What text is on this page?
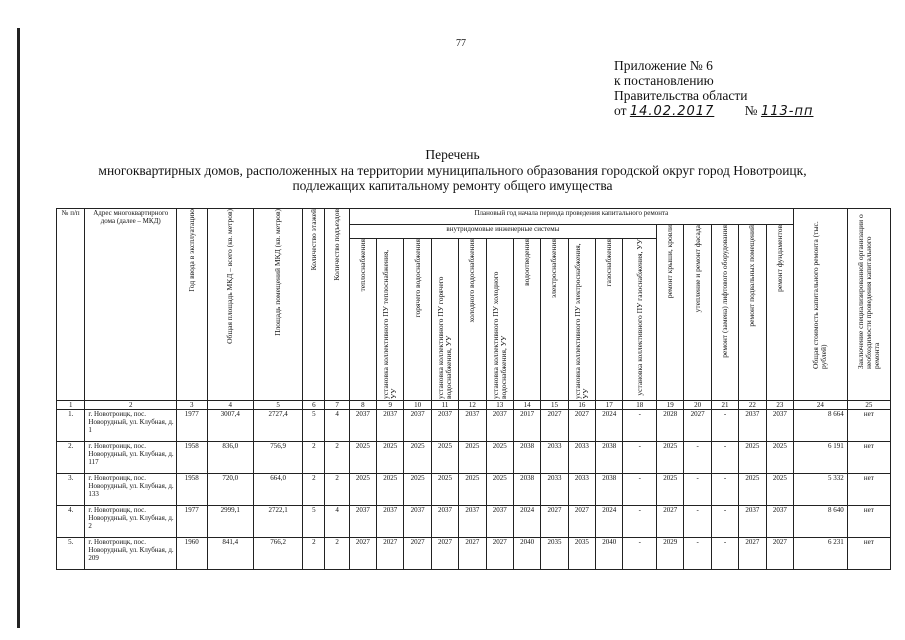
77
Приложение № 6
к постановлению
Правительства области
от 14.02.2017 № 113-пп
Перечень
многоквартирных домов, расположенных на территории муниципального образования городской округ город Новотроицк,
подлежащих капитальному ремонту общего имущества
№ п/п	Адрес многоквартирного дома (далее – МКД)	Год ввода в эксплуатацию	Общая площадь МКД – всего (кв. метров)	Площадь помещений МКД (кв. метров)	Количество этажей	Количество подъездов	Плановый год начала периода проведения капитального ремонта																Общая стоимость капитального ремонта (тыс. рублей)	Заключение специализированной организации о необходимости проведения капитального ремонта

							внутридомовые инженерные системы											ремонт крыши, кровли	утепление и ремонт фасада	ремонт (замена) лифтового оборудования	ремонт подвальных помещений	ремонт фундаментов		

							теплоснабжения	установка коллективного ПУ теплоснабжения, УУ	горячего водоснабжения	установка коллективного ПУ горячего водоснабжения, УУ	холодного водоснабжения	установка коллективного ПУ холодного водоснабжения, УУ	водоотведения	электроснабжения	установка коллективного ПУ электроснабжения, УУ	газоснабжения	установка коллективного ПУ газоснабжения, УУ							

1	2	3	4	5	6	7	8	9	10	11	12	13	14	15	16	17	18	19	20	21	22	23	24	25
1.	г. Новотроицк, пос. Новорудный, ул. Клубная, д. 1	1977	3007,4	2727,4	5	4	2037	2037	2037	2037	2037	2037	2017	2027	2027	2024	-	2028	2027	-	2037	2037	8 664	нет
2.	г. Новотроицк, пос. Новорудный, ул. Клубная, д. 117	1958	836,0	756,9	2	2	2025	2025	2025	2025	2025	2025	2038	2033	2033	2038	-	2025	-	-	2025	2025	6 191	нет
3.	г. Новотроицк, пос. Новорудный, ул. Клубная, д. 133	1958	720,0	664,0	2	2	2025	2025	2025	2025	2025	2025	2038	2033	2033	2038	-	2025	-	-	2025	2025	5 332	нет
4.	г. Новотроицк, пос. Новорудный, ул. Клубная, д. 2	1977	2999,1	2722,1	5	4	2037	2037	2037	2037	2037	2037	2024	2027	2027	2024	-	2027	-	-	2037	2037	8 640	нет
5.	г. Новотроицк, пос. Новорудный, ул. Клубная, д. 209	1960	841,4	766,2	2	2	2027	2027	2027	2027	2027	2027	2040	2035	2035	2040	-	2029	-	-	2027	2027	6 231	нет
